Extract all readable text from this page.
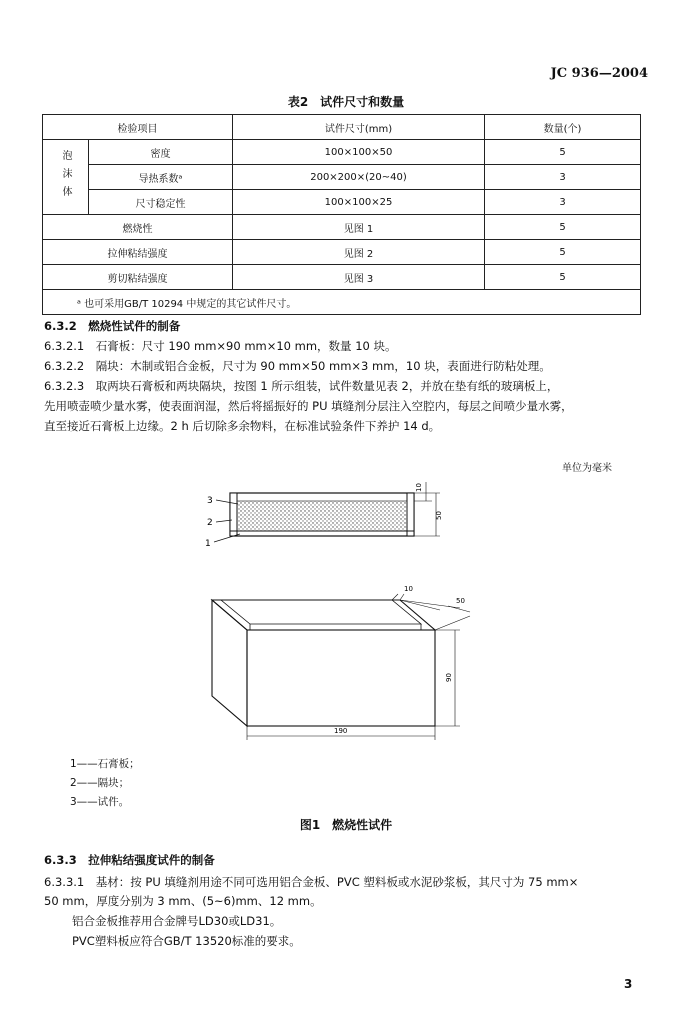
JC 936—2004
表2　试件尺寸和数量
检验项目		试件尺寸(mm)	数量(个)
泡沫体	密度	100×100×50	5
	导热系数ᵃ	200×200×(20~40)	3
	尺寸稳定性	100×100×25	3
燃烧性		见图 1	5
拉伸粘结强度		见图 2	5
剪切粘结强度		见图 3	5
ᵃ 也可采用GB/T 10294 中规定的其它试件尺寸。			
6.3.2　燃烧性试件的制备
6.3.2.1　石膏板：尺寸 190 mm×90 mm×10 mm，数量 10 块。
6.3.2.2　隔块：木制或铝合金板，尺寸为 90 mm×50 mm×3 mm，10 块，表面进行防粘处理。
6.3.2.3　取两块石膏板和两块隔块，按图 1 所示组装，试件数量见表 2，并放在垫有纸的玻璃板上，
先用喷壶喷少量水雾，使表面润湿，然后将摇振好的 PU 填缝剂分层注入空腔内，每层之间喷少量水雾，
直至接近石膏板上边缘。2 h 后切除多余物料，在标准试验条件下养护 14 d。
单位为毫米
3
2
1
10
50
10
50
90
190
1——石膏板；
2——隔块；
3——试件。
图1　燃烧性试件
6.3.3　拉伸粘结强度试件的制备
6.3.3.1　基材：按 PU 填缝剂用途不同可选用铝合金板、PVC 塑料板或水泥砂浆板，其尺寸为 75 mm×
50 mm，厚度分别为 3 mm、(5~6)mm、12 mm。
铝合金板推荐用合金牌号LD30或LD31。
PVC塑料板应符合GB/T 13520标准的要求。
3
